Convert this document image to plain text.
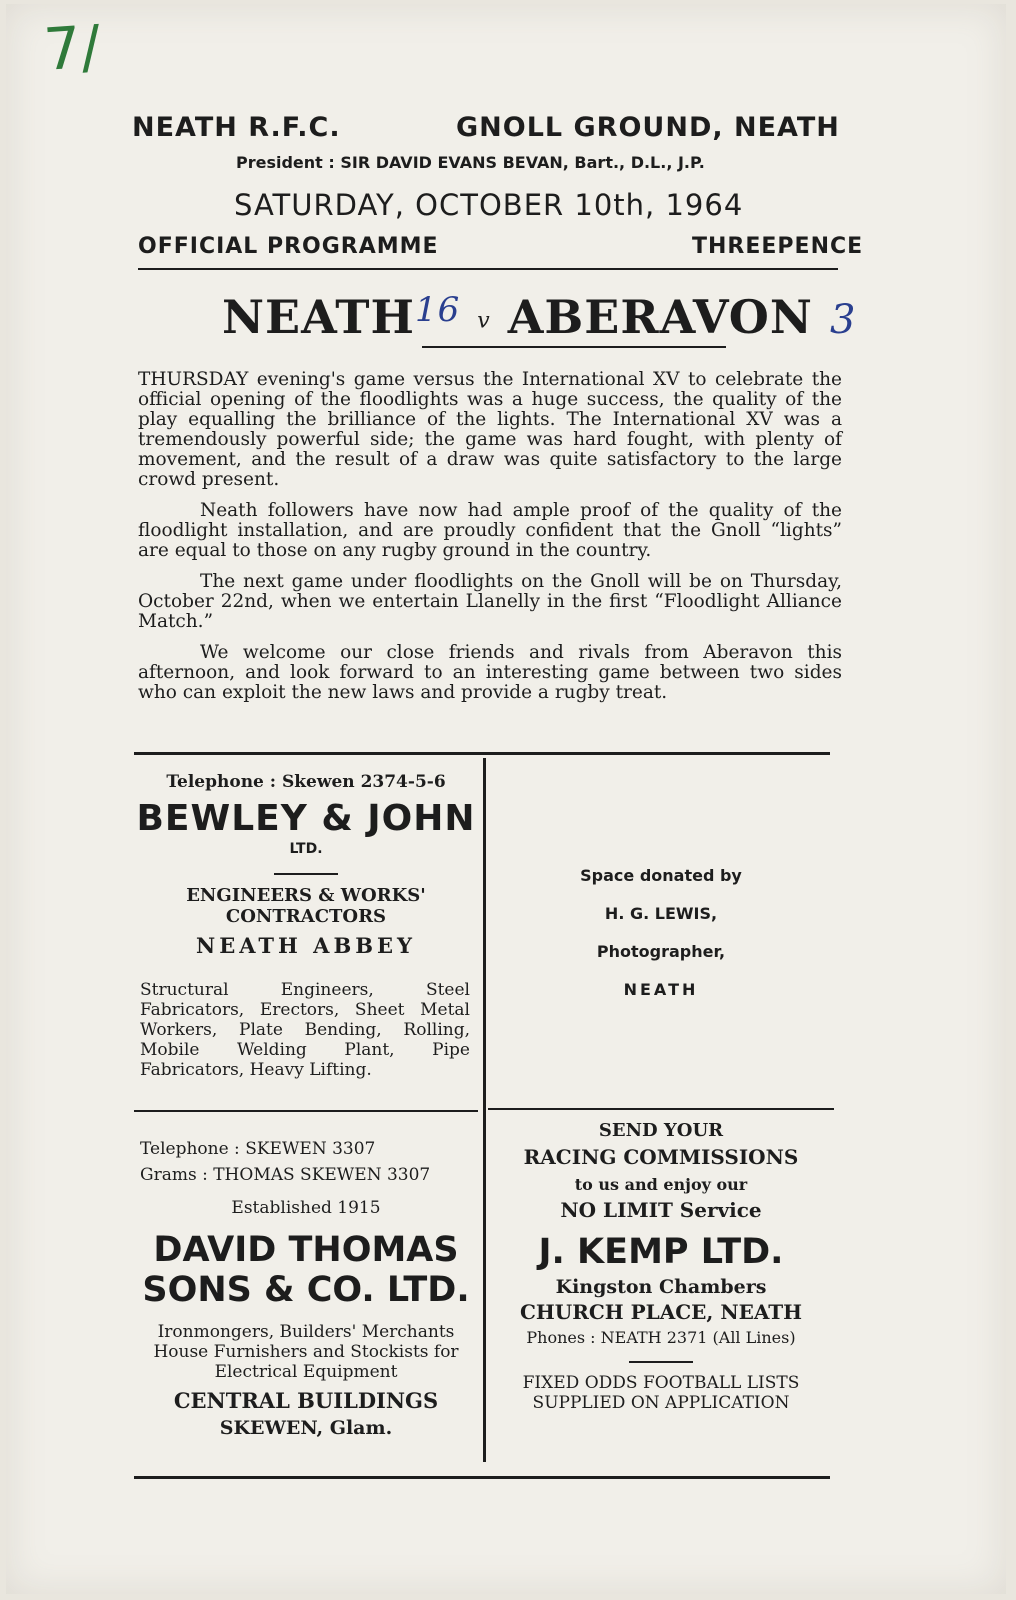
7/
NEATH R.F.C.	GNOLL GROUND, NEATH
President : SIR DAVID EVANS BEVAN, Bart., D.L., J.P.
SATURDAY, OCTOBER 10th, 1964
OFFICIAL PROGRAMME	THREEPENCE
NEATH$^{16}$ v ABERAVON 3

THURSDAY evening's game versus the International XV to celebrate the official opening of the floodlights was a huge success, the quality of the play equalling the brilliance of the lights. The International XV was a tremendously powerful side; the game was hard fought, with plenty of movement, and the result of a draw was quite satisfactory to the large crowd present.

Neath followers have now had ample proof of the quality of the floodlight installation, and are proudly confident that the Gnoll “lights” are equal to those on any rugby ground in the country.

The next game under floodlights on the Gnoll will be on Thursday, October 22nd, when we entertain Llanelly in the first “Floodlight Alliance Match.”

We welcome our close friends and rivals from Aberavon this afternoon, and look forward to an interesting game between two sides who can exploit the new laws and provide a rugby treat.

Telephone : Skewen 2374-5-6
BEWLEY & JOHN
LTD.
ENGINEERS & WORKS'
CONTRACTORS
NEATH ABBEY
Structural Engineers, Steel Fabricators, Erectors, Sheet Metal Workers, Plate Bending, Rolling, Mobile Welding Plant, Pipe Fabricators, Heavy Lifting.
Space donated by
H. G. LEWIS,
Photographer,
NEATH
Telephone : SKEWEN 3307
Grams : THOMAS SKEWEN 3307
Established 1915
DAVID THOMAS
SONS & CO. LTD.
Ironmongers, Builders' Merchants
House Furnishers and Stockists for
Electrical Equipment
CENTRAL BUILDINGS
SKEWEN, Glam.
SEND YOUR
RACING COMMISSIONS
to us and enjoy our
NO LIMIT Service
J. KEMP LTD.
Kingston Chambers
CHURCH PLACE, NEATH
Phones : NEATH 2371 (All Lines)
FIXED ODDS FOOTBALL LISTS
SUPPLIED ON APPLICATION
